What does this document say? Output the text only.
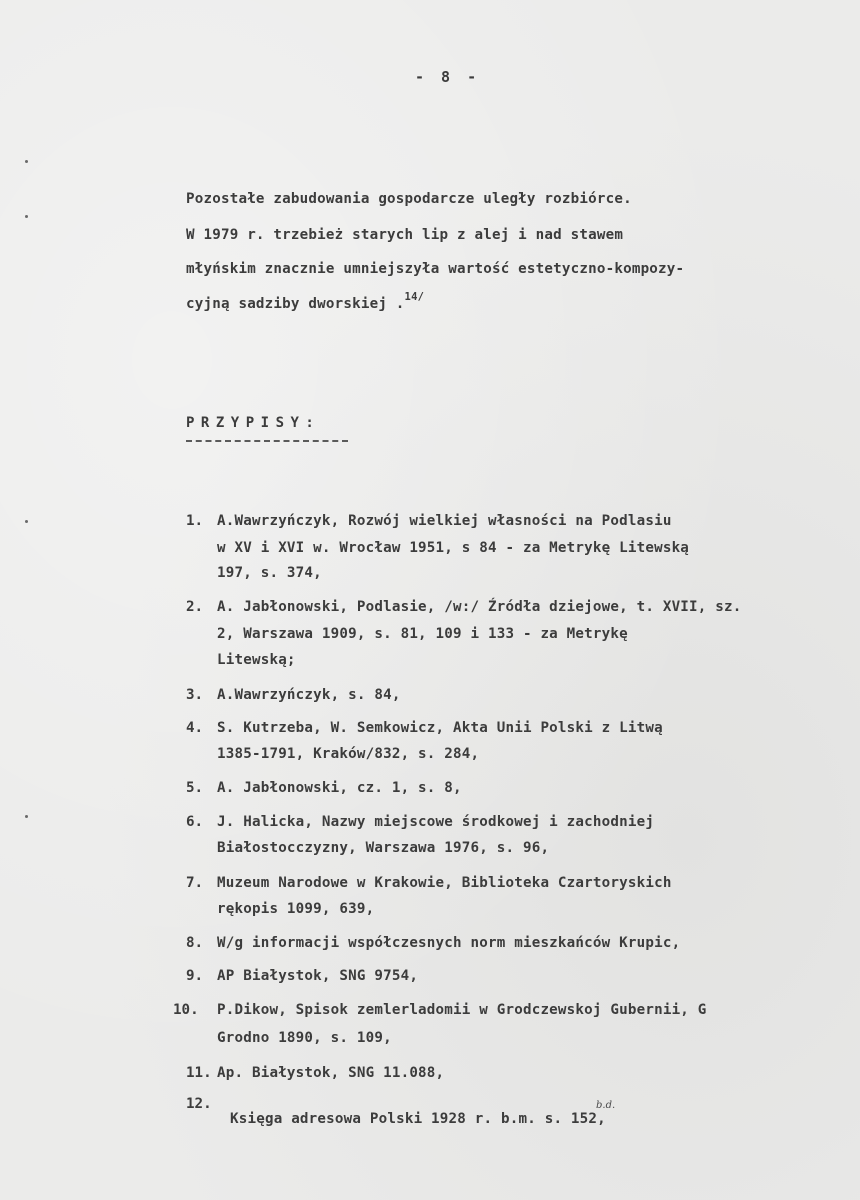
- 8 -
Pozostałe zabudowania gospodarcze uległy rozbiórce.
W 1979 r. trzebież starych lip z alej i nad stawem
młyńskim znacznie umniejszyła wartość estetyczno-kompozy-
cyjną sadziby dworskiej .$^{14/}$
PRZYPISY:
1. A.Wawrzyńczyk, Rozwój wielkiej własności na Podlasiu
w XV i XVI w. Wrocław 1951, s 84 - za Metrykę Litewską
197, s. 374,
2. A. Jabłonowski, Podlasie, /w:/ Źródła dziejowe, t. XVII, sz.
2, Warszawa 1909, s. 81, 109 i 133 - za Metrykę
Litewską;
3. A.Wawrzyńczyk, s. 84,
4. S. Kutrzeba, W. Semkowicz, Akta Unii Polski z Litwą
1385-1791, Kraków/832, s. 284,
5. A. Jabłonowski, cz. 1, s. 8,
6. J. Halicka, Nazwy miejscowe środkowej i zachodniej
Białostocczyzny, Warszawa 1976, s. 96,
7. Muzeum Narodowe w Krakowie, Biblioteka Czartoryskich
rękopis 1099, 639,
8. W/g informacji współczesnych norm mieszkańców Krupic,
9. AP Białystok, SNG 9754,
10. P.Dikow, Spisok zemlerladomii w Grodczewskoj Gubernii, G
Grodno 1890, s. 109,
11. Ap. Białystok, SNG 11.088,
12.
Księga adresowa Polski 1928 r. b.m. s. 152,
b.d.
